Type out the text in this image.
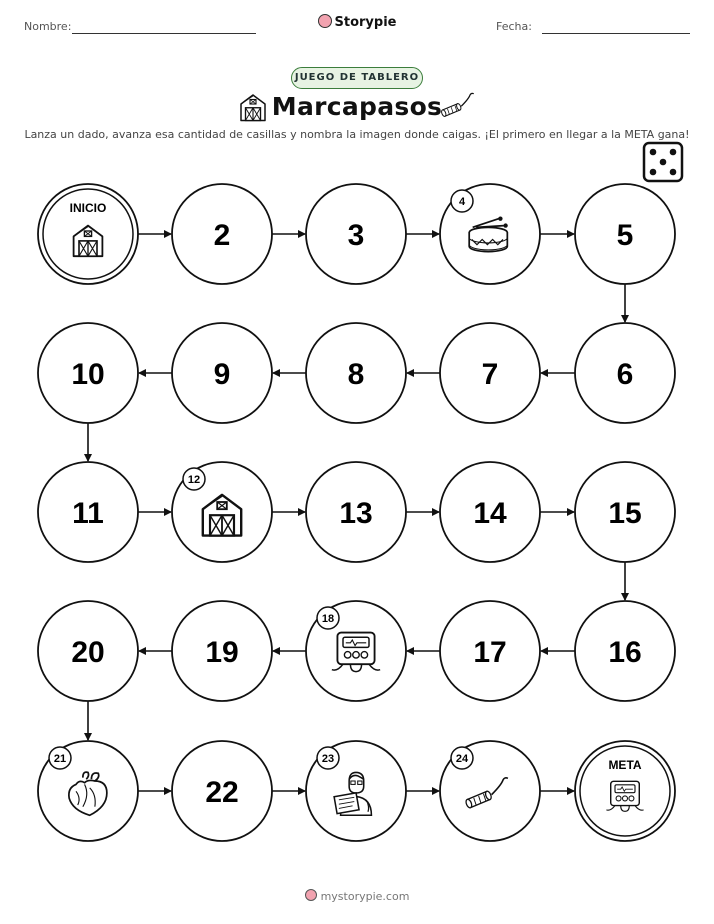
Nombre:	Storypie	Fecha:
JUEGO DE TABLERO
Marcapasos
Lanza un dado, avanza esa cantidad de casillas y nombra la imagen donde caigas. ¡El primero en llegar a la META gana!
INICIO
2	3
4
5
6
7
8
9
10
11
12
13	14	15
16
17
18
19
20
21
22
23	24	META
mystorypie.com
